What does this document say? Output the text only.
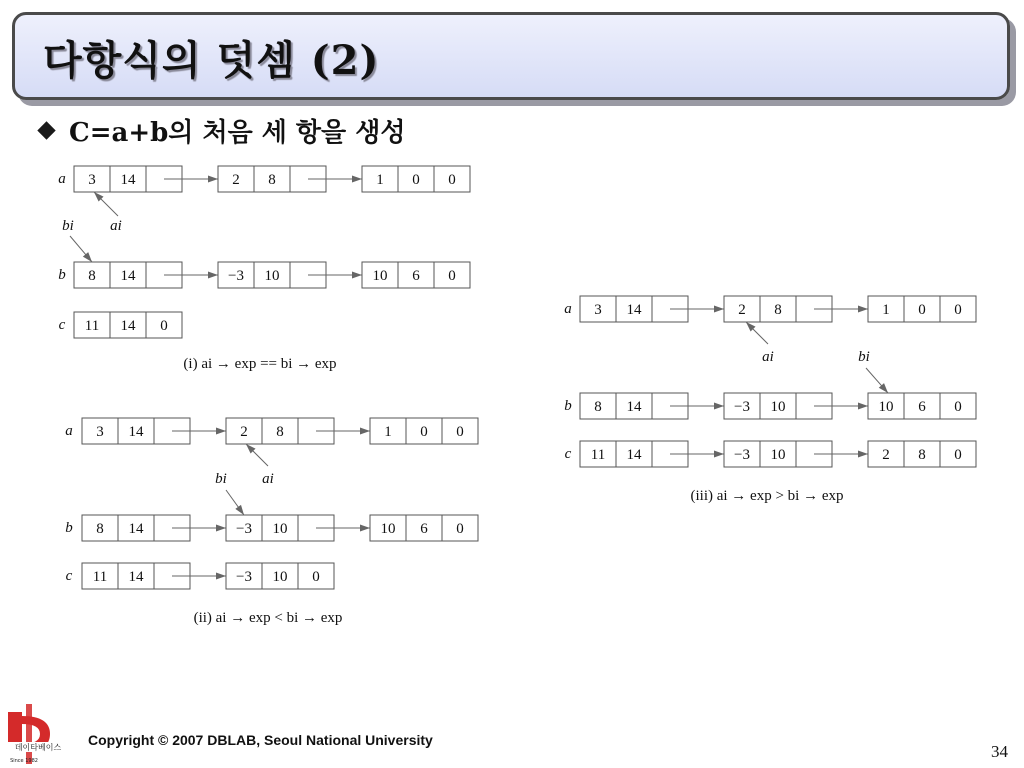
다항식의 덧셈 (2)
C=a+b의 처음 세 항을 생성
a 3 14	2 8	1 0 0
b 8 14	−3 10	10 6 0
c 11 14 0
bi ai
(i) ai → exp == bi → exp
a 3 14	2 8	1 0 0
b 8 14	−3 10	10 6 0
c 11 14	−3 10 0
bi ai
(ii) ai → exp < bi → exp
a 3 14	2 8	1 0 0
b 8 14	−3 10	10 6 0
c 11 14	−3 10	2 8 0
ai	bi
(iii) ai → exp > bi → exp
데이타베이스
Since 1982
Copyright © 2007 DBLAB, Seoul National University
34
